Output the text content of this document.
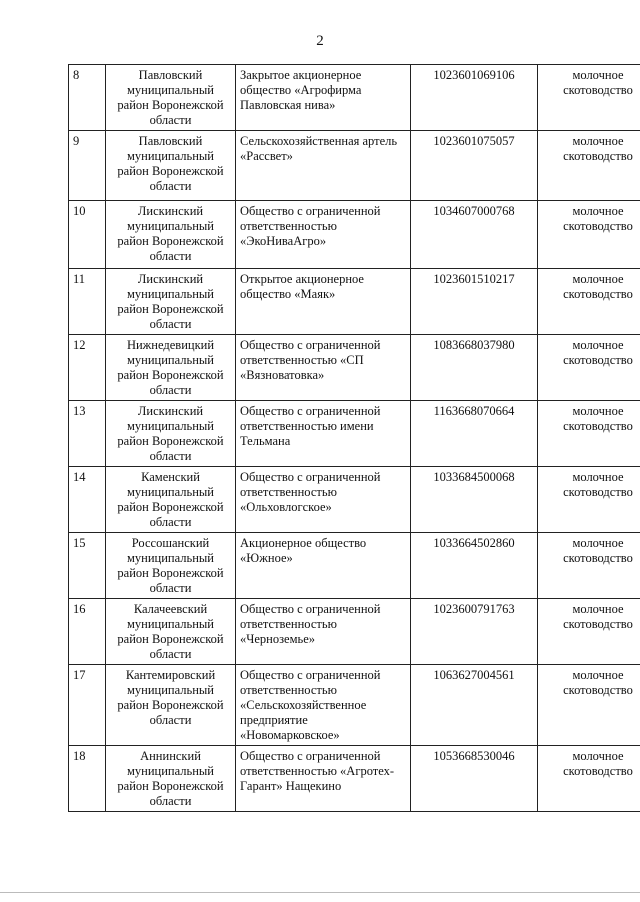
2
8	Павловский муниципальный район Воронежской области	Закрытое акционерное общество «Агрофирма Павловская нива»	1023601069106	молочное скотоводство
9	Павловский муниципальный район Воронежской области	Сельскохозяйственная артель «Рассвет»	1023601075057	молочное скотоводство
10	Лискинский муниципальный район Воронежской области	Общество с ограниченной ответственностью «ЭкоНиваАгро»	1034607000768	молочное скотоводство
11	Лискинский муниципальный район Воронежской области	Открытое акционерное общество «Маяк»	1023601510217	молочное скотоводство
12	Нижнедевицкий муниципальный район Воронежской области	Общество с ограниченной ответственностью «СП «Вязноватовка»	1083668037980	молочное скотоводство
13	Лискинский муниципальный район Воронежской области	Общество с ограниченной ответственностью имени Тельмана	1163668070664	молочное скотоводство
14	Каменский муниципальный район Воронежской области	Общество с ограниченной ответственностью «Ольховлогское»	1033684500068	молочное скотоводство
15	Россошанский муниципальный район Воронежской области	Акционерное общество «Южное»	1033664502860	молочное скотоводство
16	Калачеевский муниципальный район Воронежской области	Общество с ограниченной ответственностью «Черноземье»	1023600791763	молочное скотоводство
17	Кантемировский муниципальный район Воронежской области	Общество с ограниченной ответственностью «Сельскохозяйственное предприятие «Новомарковское»	1063627004561	молочное скотоводство
18	Аннинский муниципальный район Воронежской области	Общество с ограниченной ответственностью «Агротех-Гарант» Нащекино	1053668530046	молочное скотоводство
